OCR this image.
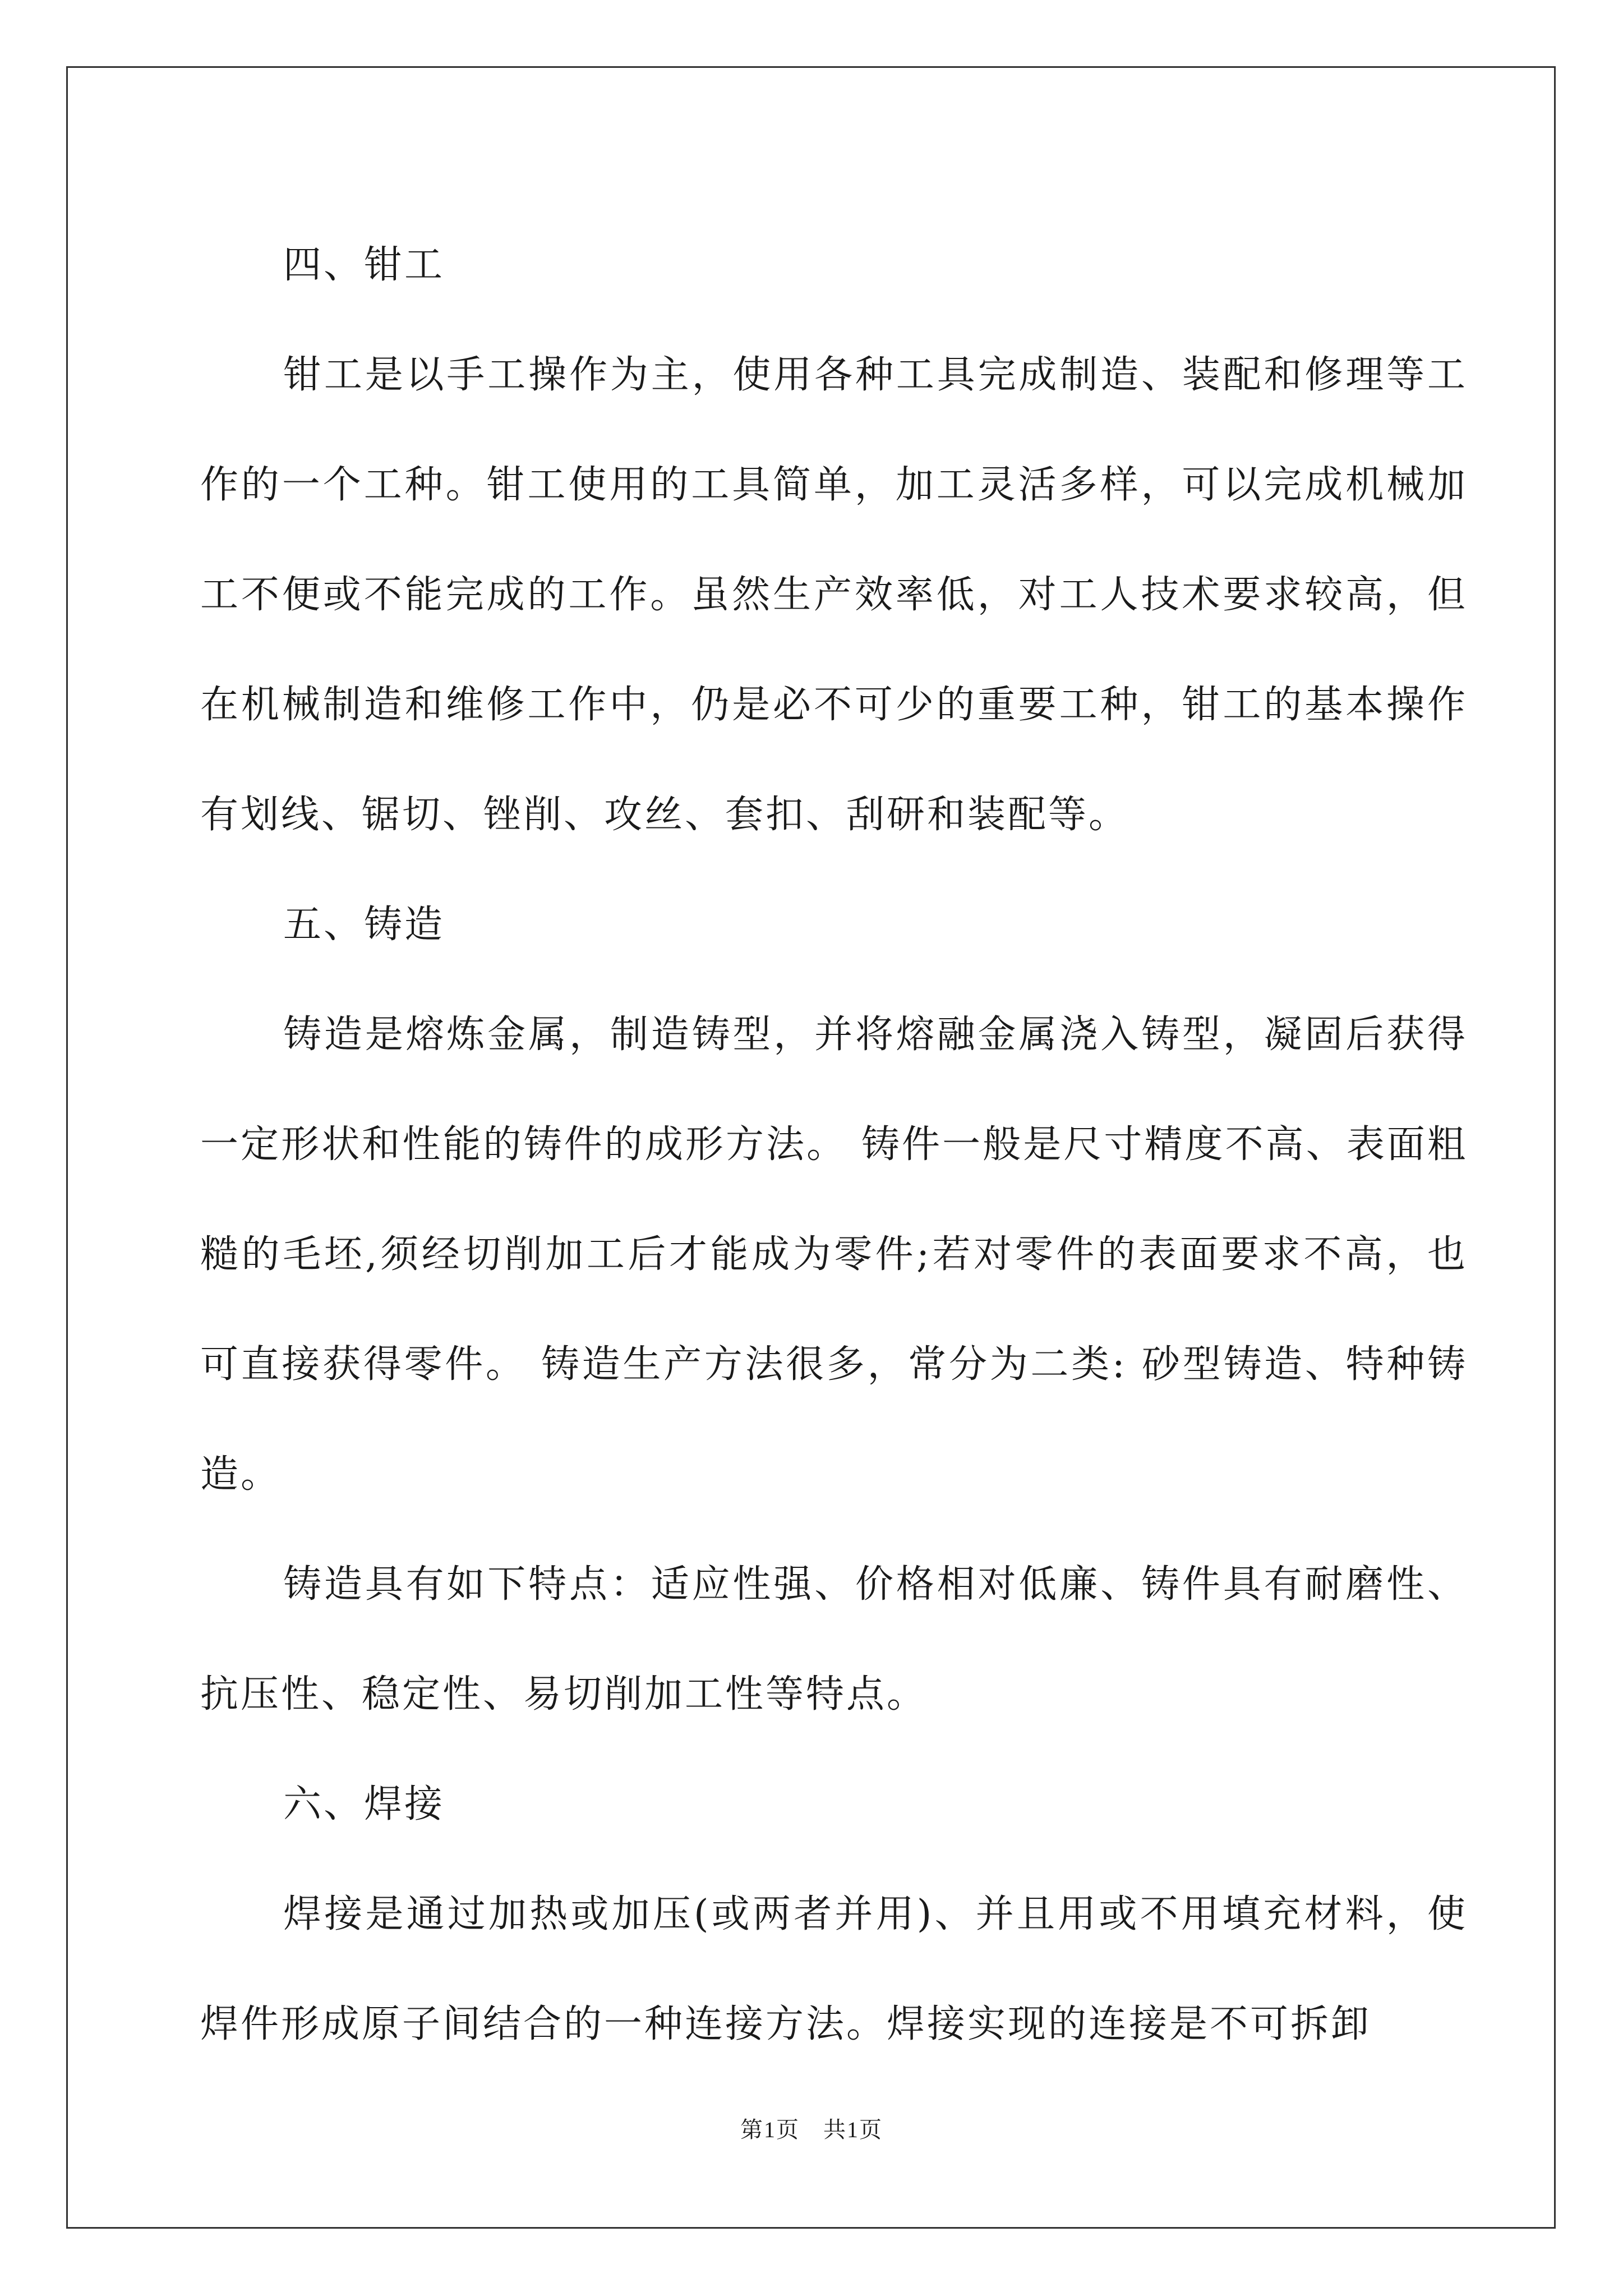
四、钳工

钳工是以手工操作为主，使用各种工具完成制造、装配和修理等工作的一个工种。钳工使用的工具简单，加工灵活多样，可以完成机械加工不便或不能完成的工作。虽然生产效率低，对工人技术要求较高，但在机械制造和维修工作中，仍是必不可少的重要工种，钳工的基本操作有划线、锯切、锉削、攻丝、套扣、刮研和装配等。

五、铸造

铸造是熔炼金属，制造铸型，并将熔融金属浇入铸型，凝固后获得一定形状和性能的铸件的成形方法。 铸件一般是尺寸精度不高、表面粗糙的毛坯,须经切削加工后才能成为零件;若对零件的表面要求不高，也可直接获得零件。 铸造生产方法很多，常分为二类: 砂型铸造、特种铸造。

铸造具有如下特点：适应性强、价格相对低廉、铸件具有耐磨性、抗压性、稳定性、易切削加工性等特点。

六、焊接

焊接是通过加热或加压(或两者并用)、并且用或不用填充材料，使焊件形成原子间结合的一种连接方法。焊接实现的连接是不可拆卸

第1页　共1页
